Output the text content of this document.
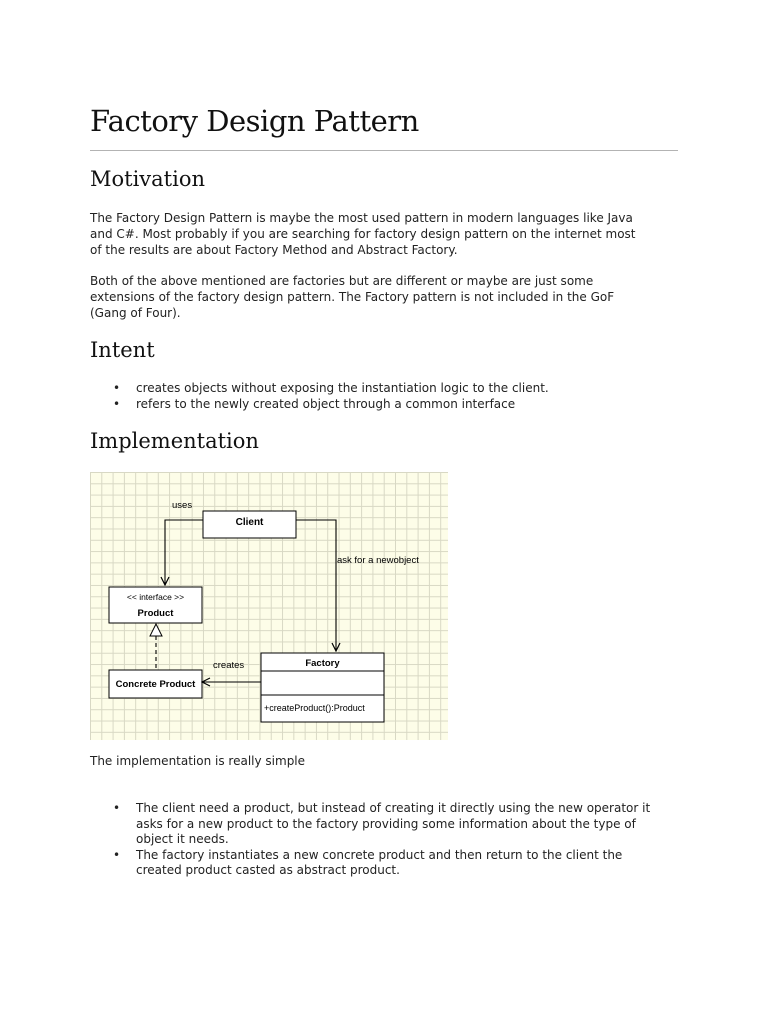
Factory Design Pattern
Motivation

The Factory Design Pattern is maybe the most used pattern in modern languages like Java
and C#. Most probably if you are searching for factory design pattern on the internet most
of the results are about Factory Method and Abstract Factory.

Both of the above mentioned are factories but are different or maybe are just some
extensions of the factory design pattern. The Factory pattern is not included in the GoF
(Gang of Four).

Intent
• creates objects without exposing the instantiation logic to the client.
• refers to the newly created object through a common interface
Implementation
Client
uses
ask for a newobject
<< interface >>
Product
Concrete Product
creates	Factory
+createProduct():Product

The implementation is really simple

• The client need a product, but instead of creating it directly using the new operator it
asks for a new product to the factory providing some information about the type of
object it needs.
• The factory instantiates a new concrete product and then return to the client the
created product casted as abstract product.
